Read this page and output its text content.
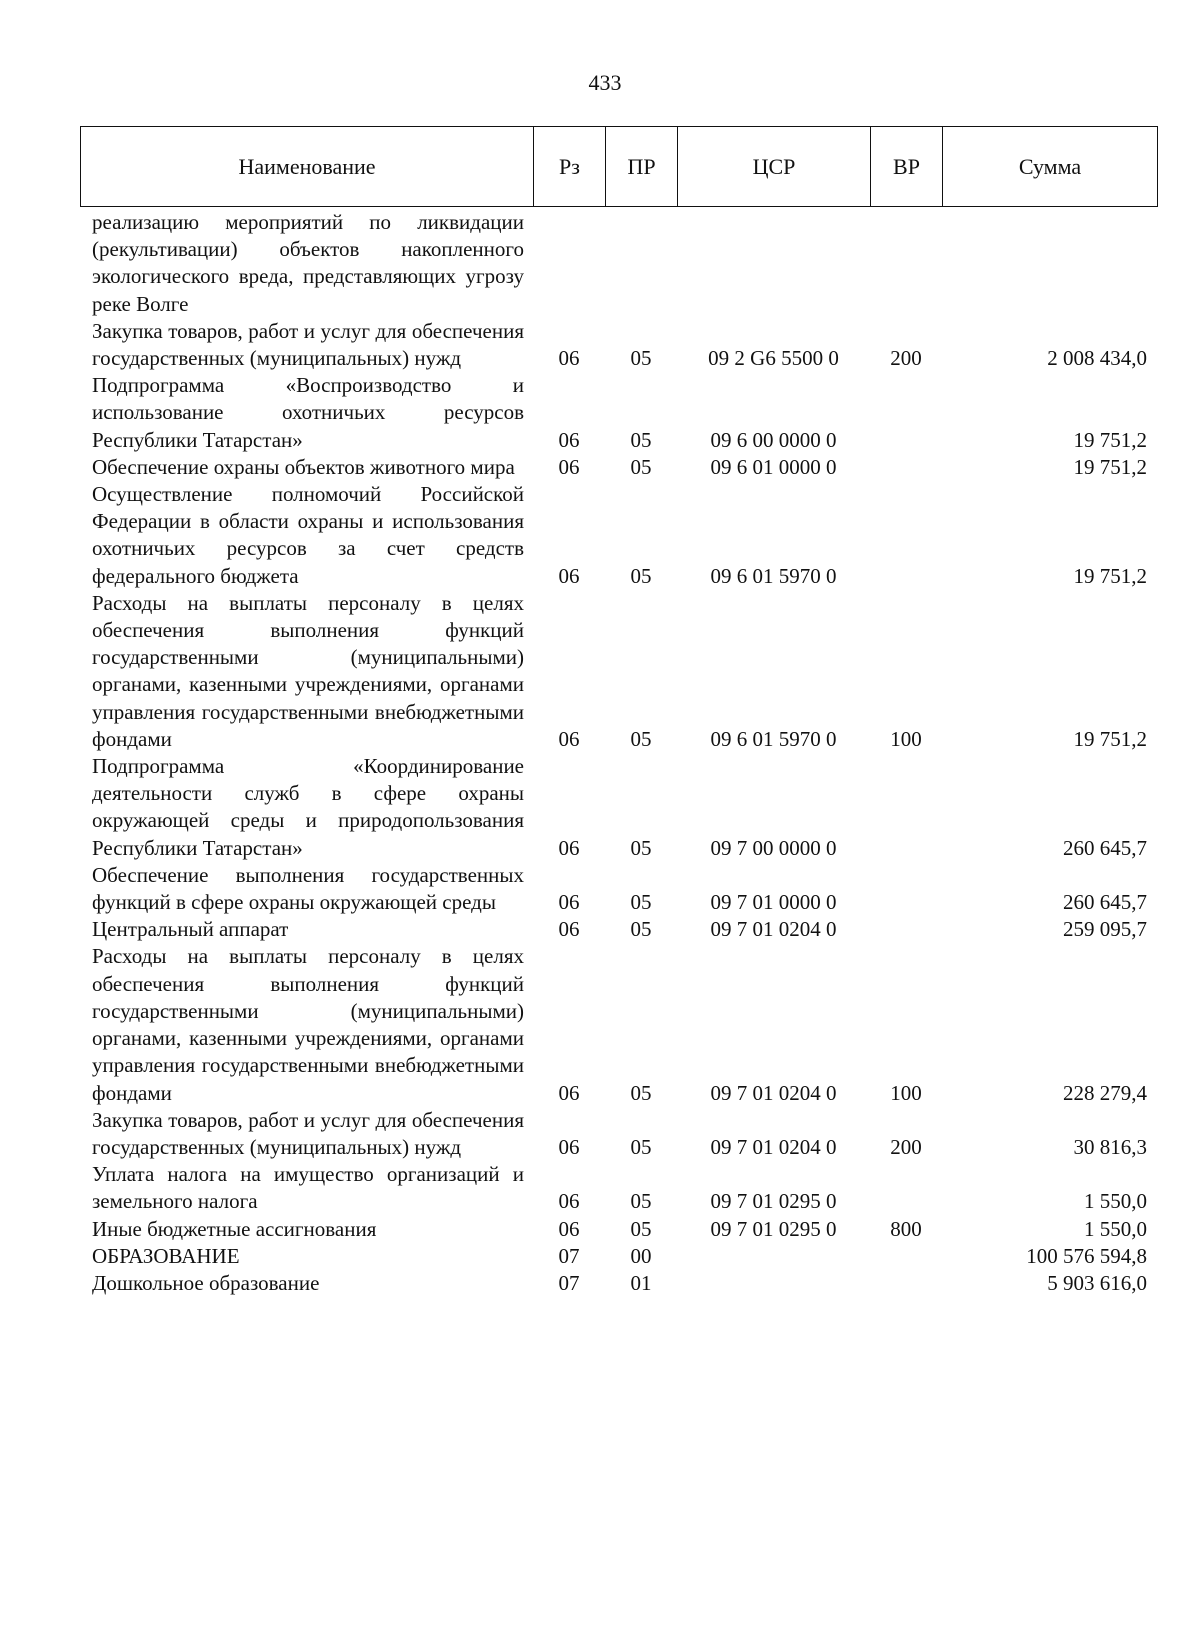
433
Наименование	Рз	ПР	ЦСР	ВР	Сумма
реализацию мероприятий по ликвидации (рекультивации) объектов накопленного экологического вреда, представляющих угрозу реке Волге					
Закупка товаров, работ и услуг для обеспечения государственных (муниципальных) нужд	06	05	09 2 G6 5500 0	200	2 008 434,0
Подпрограмма «Воспроизводство и использование охотничьих ресурсов Республики Татарстан»	06	05	09 6 00 0000 0		19 751,2
Обеспечение охраны объектов животного мира	06	05	09 6 01 0000 0		19 751,2
Осуществление полномочий Российской Федерации в области охраны и использования охотничьих ресурсов за счет средств федерального бюджета	06	05	09 6 01 5970 0		19 751,2
Расходы на выплаты персоналу в целях обеспечения выполнения функций государственными (муниципальными) органами, казенными учреждениями, органами управления государственными внебюджетными фондами	06	05	09 6 01 5970 0	100	19 751,2
Подпрограмма «Координирование деятельности служб в сфере охраны окружающей среды и природопользования Республики Татарстан»	06	05	09 7 00 0000 0		260 645,7
Обеспечение выполнения государственных функций в сфере охраны окружающей среды	06	05	09 7 01 0000 0		260 645,7
Центральный аппарат	06	05	09 7 01 0204 0		259 095,7
Расходы на выплаты персоналу в целях обеспечения выполнения функций государственными (муниципальными) органами, казенными учреждениями, органами управления государственными внебюджетными фондами	06	05	09 7 01 0204 0	100	228 279,4
Закупка товаров, работ и услуг для обеспечения государственных (муниципальных) нужд	06	05	09 7 01 0204 0	200	30 816,3
Уплата налога на имущество организаций и земельного налога	06	05	09 7 01 0295 0		1 550,0
Иные бюджетные ассигнования	06	05	09 7 01 0295 0	800	1 550,0
ОБРАЗОВАНИЕ	07	00			100 576 594,8
Дошкольное образование	07	01			5 903 616,0
